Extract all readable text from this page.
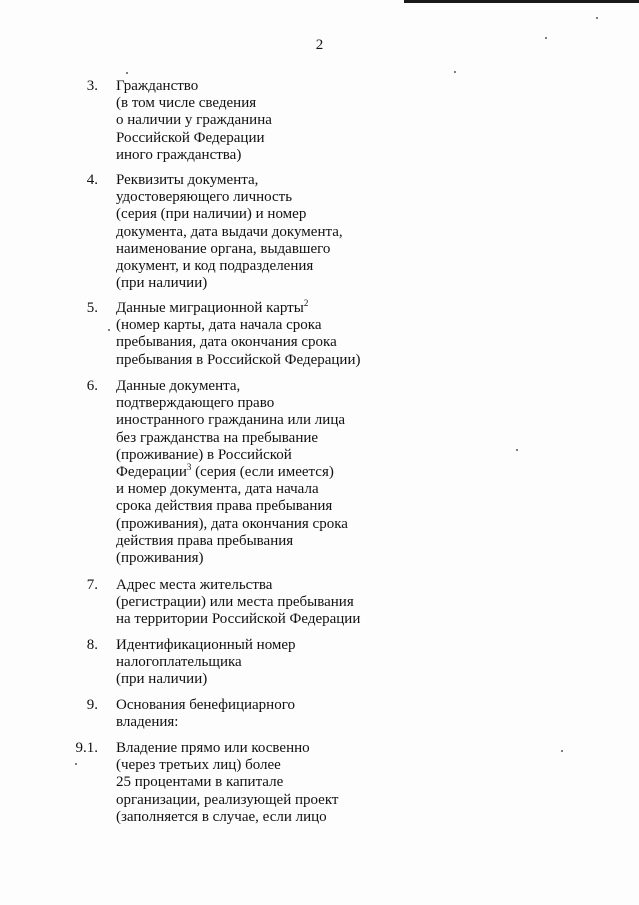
2
3. Гражданство
(в том числе сведения
о наличии у гражданина
Российской Федерации
иного гражданства)
4. Реквизиты документа,
удостоверяющего личность
(серия (при наличии) и номер
документа, дата выдачи документа,
наименование органа, выдавшего
документ, и код подразделения
(при наличии)
5. Данные миграционной карты$^2$
(номер карты, дата начала срока
пребывания, дата окончания срока
пребывания в Российской Федерации)
6. Данные документа,
подтверждающего право
иностранного гражданина или лица
без гражданства на пребывание
(проживание) в Российской
Федерации$^3$ (серия (если имеется)
и номер документа, дата начала
срока действия права пребывания
(проживания), дата окончания срока
действия права пребывания
(проживания)
7. Адрес места жительства
(регистрации) или места пребывания
на территории Российской Федерации
8. Идентификационный номер
налогоплательщика
(при наличии)
9. Основания бенефициарного
владения:
9.1. Владение прямо или косвенно
(через третьих лиц) более
25 процентами в капитале
организации, реализующей проект
(заполняется в случае, если лицо
